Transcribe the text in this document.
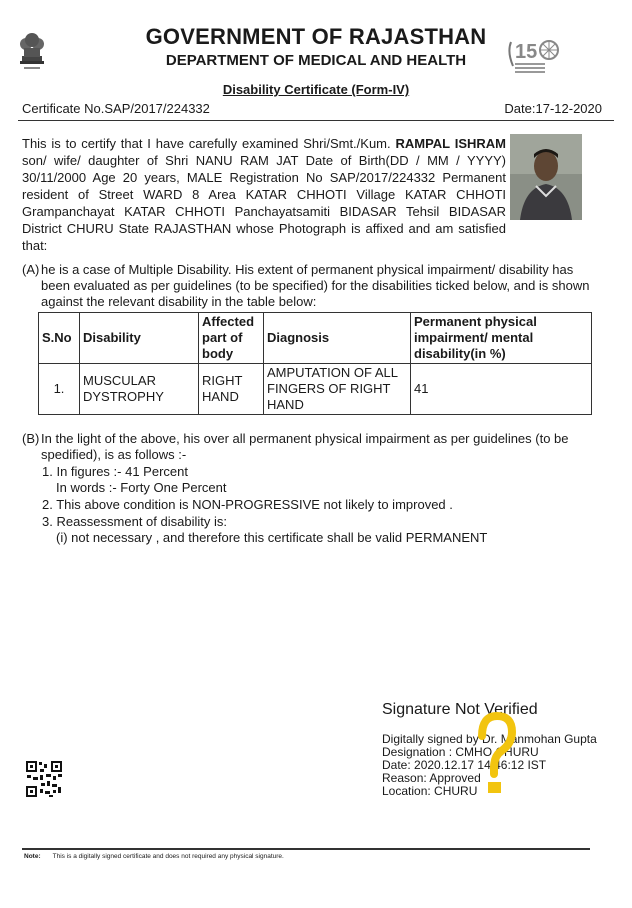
15
GOVERNMENT OF RAJASTHAN
DEPARTMENT OF MEDICAL AND HEALTH
Disability Certificate (Form-IV)
Certificate No.SAP/2017/224332	Date:17-12-2020
This is to certify that I have carefully examined Shri/Smt./Kum. RAMPAL ISHRAM son/ wife/ daughter of Shri NANU RAM JAT Date of Birth(DD / MM / YYYY) 30/11/2000 Age 20 years, MALE Registration No SAP/2017/224332 Permanent resident of Street WARD 8 Area KATAR CHHOTI Village KATAR CHHOTI Grampanchayat KATAR CHHOTI Panchayatsamiti BIDASAR Tehsil BIDASAR District CHURU State RAJASTHAN whose Photograph is affixed and am satisfied that:
(A) he is a case of Multiple Disability. His extent of permanent physical impairment/ disability has been evaluated as per guidelines (to be specified) for the disabilities ticked below, and is shown against the relevant disability in the table below:
S.No	Disability	Affected part of body	Diagnosis	Permanent physical impairment/ mental disability(in %)
1.	MUSCULAR DYSTROPHY	RIGHT HAND	AMPUTATION OF ALL FINGERS OF RIGHT HAND	41
(B) In the light of the above, his over all permanent physical impairment as per guidelines (to be spedified), is as follows :-
1. In figures :- 41 Percent
In words :- Forty One Percent
2. This above condition is NON-PROGRESSIVE not likely to improved .
3. Reassessment of disability is:
(i) not necessary , and therefore this certificate shall be valid PERMANENT
Signature Not Verified
Digitally signed by Dr. Manmohan Gupta
Designation : CMHO CHURU
Date: 2020.12.17 14:46:12 IST
Reason: Approved
Location: CHURU
Note: This is a digitally signed certificate and does not required any physical signature.
